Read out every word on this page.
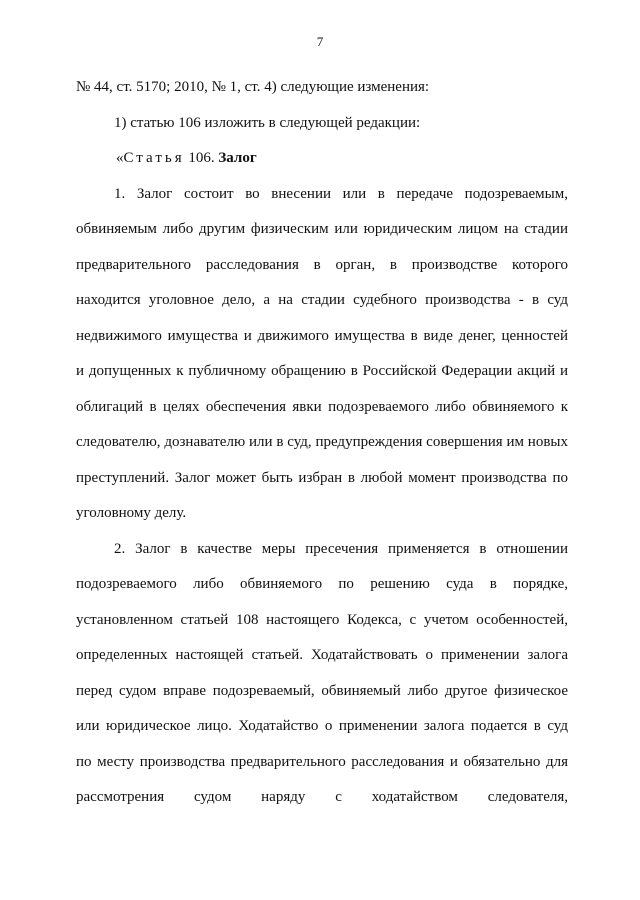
7
№ 44, ст. 5170; 2010, № 1, ст. 4) следующие изменения:
1) статью 106 изложить в следующей редакции:
«Статья 106. Залог
1. Залог состоит во внесении или в передаче подозреваемым,
обвиняемым либо другим физическим или юридическим лицом на стадии
предварительного расследования в орган, в производстве которого
находится уголовное дело, а на стадии судебного производства - в суд
недвижимого имущества и движимого имущества в виде денег, ценностей
и допущенных к публичному обращению в Российской Федерации акций и
облигаций в целях обеспечения явки подозреваемого либо обвиняемого к
следователю, дознавателю или в суд, предупреждения совершения им новых
преступлений. Залог может быть избран в любой момент производства по
уголовному делу.
2. Залог в качестве меры пресечения применяется в отношении
подозреваемого либо обвиняемого по решению суда в порядке,
установленном статьей 108 настоящего Кодекса, с учетом особенностей,
определенных настоящей статьей. Ходатайствовать о применении залога
перед судом вправе подозреваемый, обвиняемый либо другое физическое
или юридическое лицо. Ходатайство о применении залога подается в суд
по месту производства предварительного расследования и обязательно для
рассмотрения судом наряду с ходатайством следователя,
